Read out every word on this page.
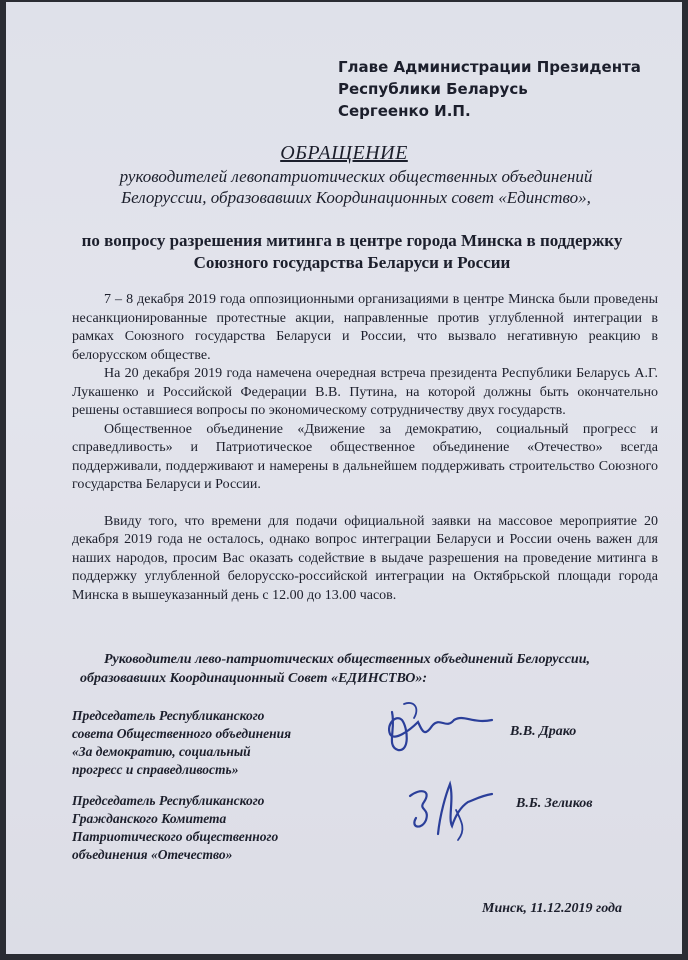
Главе Администрации Президента
Республики Беларусь
Сергеенко И.П.
ОБРАЩЕНИЕ
руководителей левопатриотических общественных объединений Белоруссии, образовавших Координационных совет «Единство»,
по вопросу разрешения митинга в центре города Минска в поддержку Союзного государства Беларуси и России

7 – 8 декабря 2019 года оппозиционными организациями в центре Минска были проведены несанкционированные протестные акции, направленные против углубленной интеграции в рамках Союзного государства Беларуси и России, что вызвало негативную реакцию в белорусском обществе.

На 20 декабря 2019 года намечена очередная встреча президента Республики Беларусь А.Г. Лукашенко и Российской Федерации В.В. Путина, на которой должны быть окончательно решены оставшиеся вопросы по экономическому сотрудничеству двух государств.

Общественное объединение «Движение за демократию, социальный прогресс и справедливость» и Патриотическое общественное объединение «Отечество» всегда поддерживали, поддерживают и намерены в дальнейшем поддерживать строительство Союзного государства Беларуси и России.

Ввиду того, что времени для подачи официальной заявки на массовое мероприятие 20 декабря 2019 года не осталось, однако вопрос интеграции Беларуси и России очень важен для наших народов, просим Вас оказать содействие в выдаче разрешения на проведение митинга в поддержку углубленной белорусско-российской интеграции на Октябрьской площади города Минска в вышеуказанный день с 12.00 до 13.00 часов.

Руководители лево-патриотических общественных объединений Белоруссии, образовавших Координационный Совет «ЕДИНСТВО»:
Председатель Республиканского
совета Общественного объединения
«За демократию, социальный
прогресс и справедливость»
В.В. Драко
Председатель Республиканского
Гражданского Комитета
Патриотического общественного
объединения «Отечество»
В.Б. Зеликов
Минск, 11.12.2019 года
